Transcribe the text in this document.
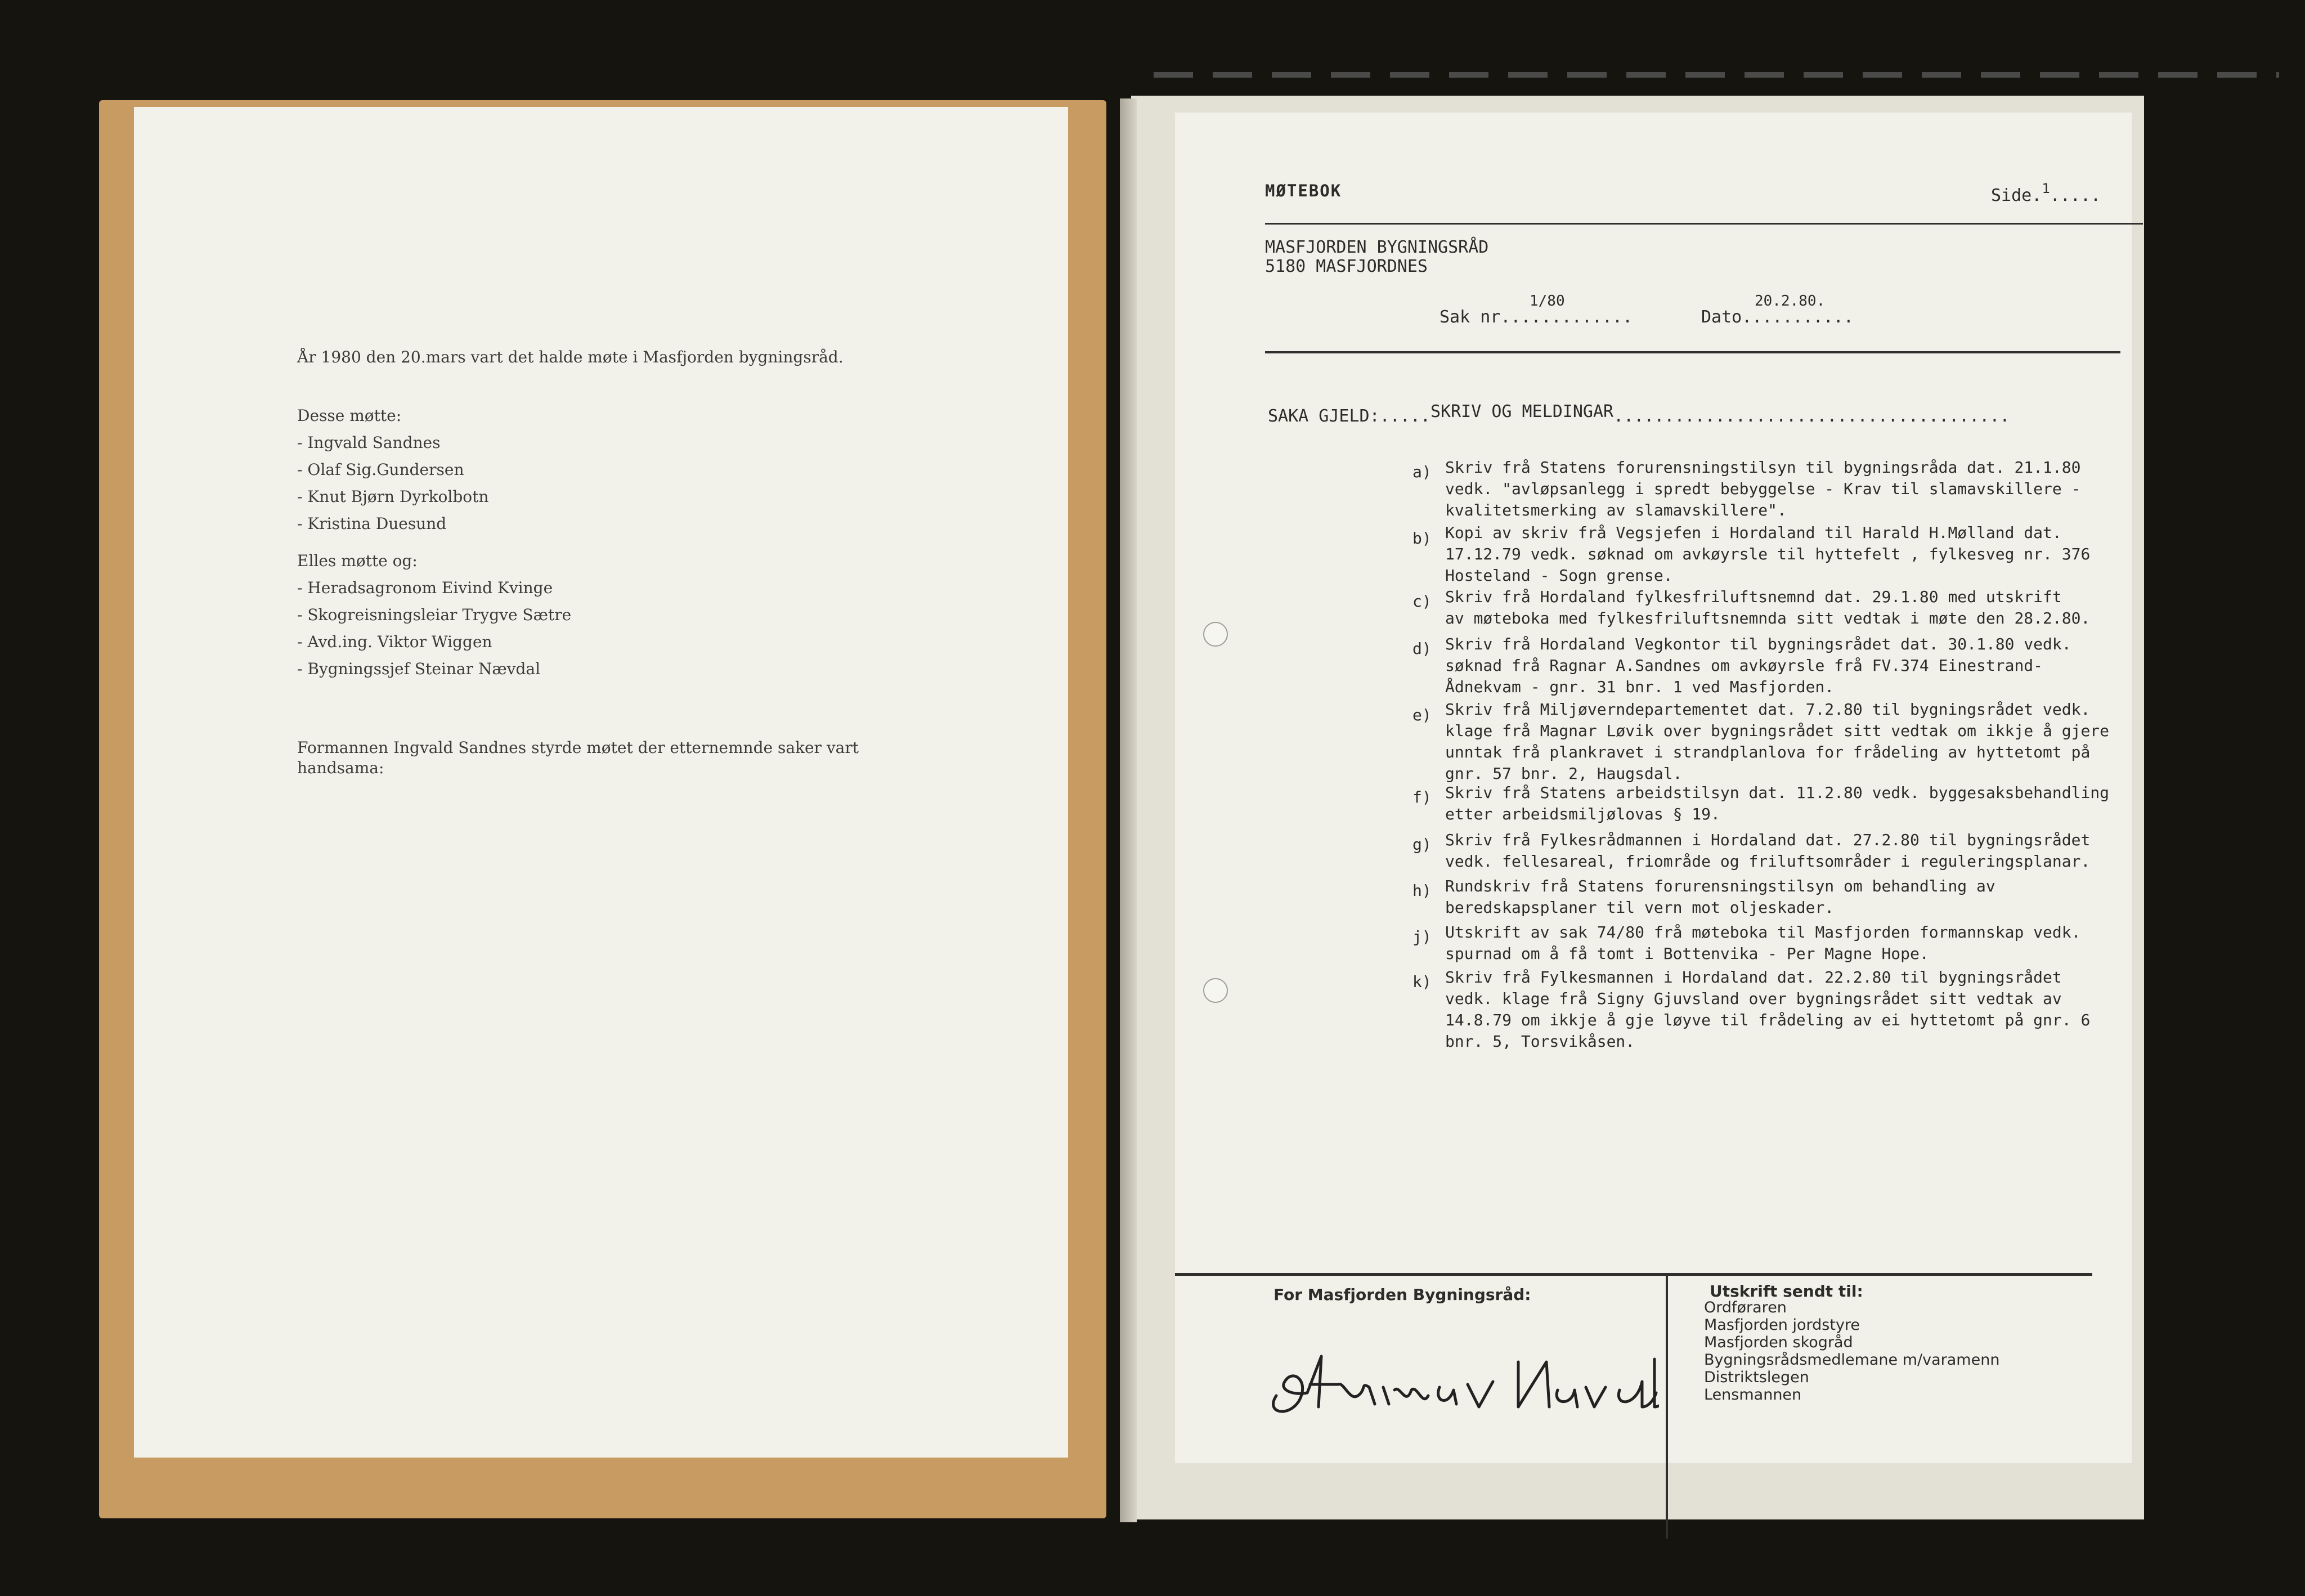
År 1980 den 20.mars vart det halde møte i Masfjorden bygningsråd.
Desse møtte:
- Ingvald Sandnes
- Olaf Sig.Gundersen
- Knut Bjørn Dyrkolbotn
- Kristina Duesund
Elles møtte og:
- Heradsagronom Eivind Kvinge
- Skogreisningsleiar Trygve Sætre
- Avd.ing. Viktor Wiggen
- Bygningssjef Steinar Nævdal
Formannen Ingvald Sandnes styrde møtet der etternemnde saker vart
handsama:
MØTEBOK	Side.$^1$.....
MASFJORDEN BYGNINGSRÅD
5180 MASFJORDNES
1/80
Sak nr.............
20.2.80.
Dato...........
SAKA GJELD:.....SKRIV OG MELDINGAR.......................................
a) Skriv frå Statens forurensningstilsyn til bygningsråda dat. 21.1.80
vedk. "avløpsanlegg i spredt bebyggelse - Krav til slamavskillere -
kvalitetsmerking av slamavskillere".
b) Kopi av skriv frå Vegsjefen i Hordaland til Harald H.Mølland dat.
17.12.79 vedk. søknad om avkøyrsle til hyttefelt , fylkesveg nr. 376
Hosteland - Sogn grense.
c) Skriv frå Hordaland fylkesfriluftsnemnd dat. 29.1.80 med utskrift
av møteboka med fylkesfriluftsnemnda sitt vedtak i møte den 28.2.80.
d) Skriv frå Hordaland Vegkontor til bygningsrådet dat. 30.1.80 vedk.
søknad frå Ragnar A.Sandnes om avkøyrsle frå FV.374 Einestrand-
Ådnekvam - gnr. 31 bnr. 1 ved Masfjorden.
e) Skriv frå Miljøverndepartementet dat. 7.2.80 til bygningsrådet vedk.
klage frå Magnar Løvik over bygningsrådet sitt vedtak om ikkje å gjere
unntak frå plankravet i strandplanlova for frådeling av hyttetomt på
gnr. 57 bnr. 2, Haugsdal.
f) Skriv frå Statens arbeidstilsyn dat. 11.2.80 vedk. byggesaksbehandling
etter arbeidsmiljølovas § 19.
g) Skriv frå Fylkesrådmannen i Hordaland dat. 27.2.80 til bygningsrådet
vedk. fellesareal, friområde og friluftsområder i reguleringsplanar.
h) Rundskriv frå Statens forurensningstilsyn om behandling av
beredskapsplaner til vern mot oljeskader.
j) Utskrift av sak 74/80 frå møteboka til Masfjorden formannskap vedk.
spurnad om å få tomt i Bottenvika - Per Magne Hope.
k) Skriv frå Fylkesmannen i Hordaland dat. 22.2.80 til bygningsrådet
vedk. klage frå Signy Gjuvsland over bygningsrådet sitt vedtak av
14.8.79 om ikkje å gje løyve til frådeling av ei hyttetomt på gnr. 6
bnr. 5, Torsvikåsen.
For Masfjorden Bygningsråd:	Utskrift sendt til:
Ordføraren
Masfjorden jordstyre
Masfjorden skogråd
Bygningsrådsmedlemane m/varamenn
Distriktslegen
Lensmannen
